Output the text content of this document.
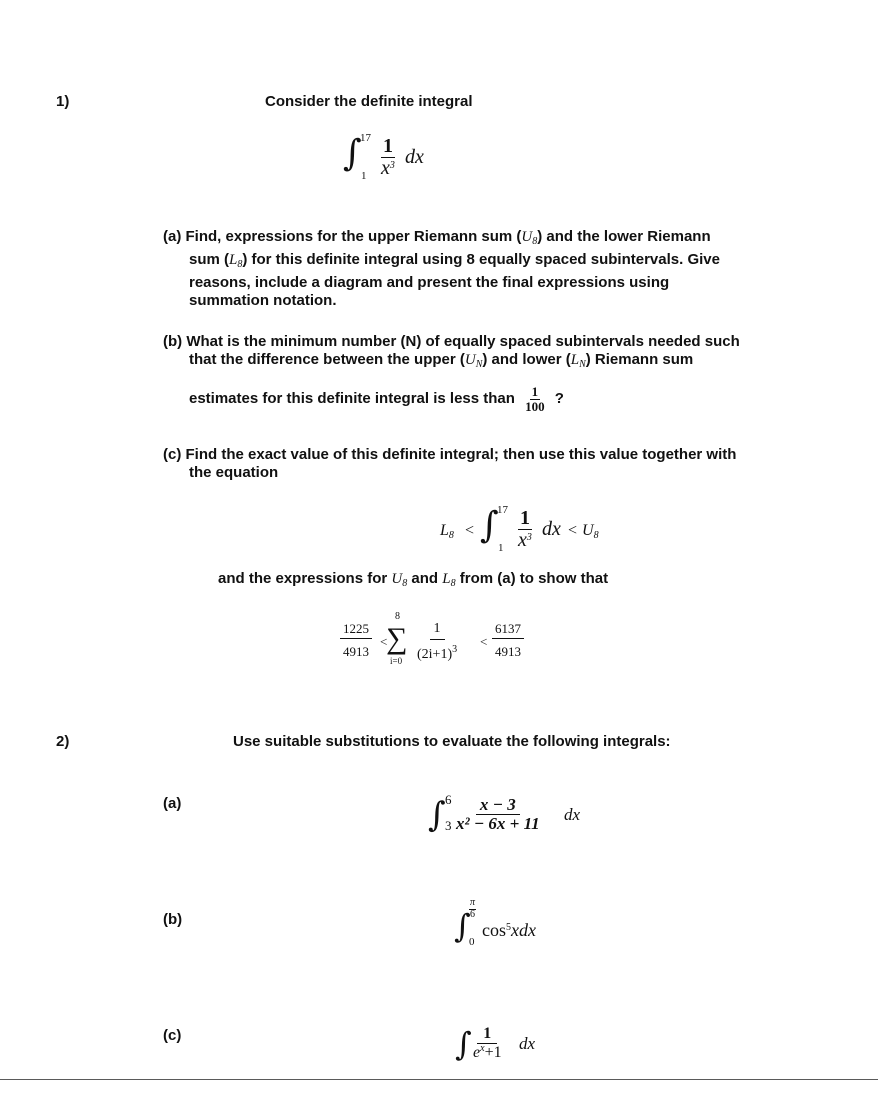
1)	Consider the definite integral
∫
17
$1 \frac{1}{x^3}$ dx
(a) Find, expressions for the upper Riemann sum $(U_8)$ and the lower Riemann
sum $(L_8)$ for this definite integral using 8 equally spaced subintervals. Give
reasons, include a diagram and present the final expressions using
summation notation.
(b) What is the minimum number (N) of equally spaced subintervals needed such
that the difference between the upper $(U_N)$ and lower $(L_N)$ Riemann sum
estimates for this definite integral is less than $\frac{1}{100}$ ?
(c) Find the exact value of this definite integral; then use this value together with
the equation
$L_8$ < ∫
17
$1 \frac{1}{x^3}$ dx < $U_8$
and the expressions for $U_8$ and $L_8$ from (a) to show that
$\frac{1225}{4913}$ <
8
∑
$i=0 \frac{1}{(2i+1)^3} < \frac{6137}{4913}$
2)	Use suitable substitutions to evaluate the following integrals:
(a)	∫ 6
$3 \frac{x - 3}{\text{x² − 6x + 11}}$ dx
(b)	∫
$\frac{\pi}{6}$
0
$\cos^5xdx$
(c)	∫ $\frac{1}{e^x+1}$ dx
